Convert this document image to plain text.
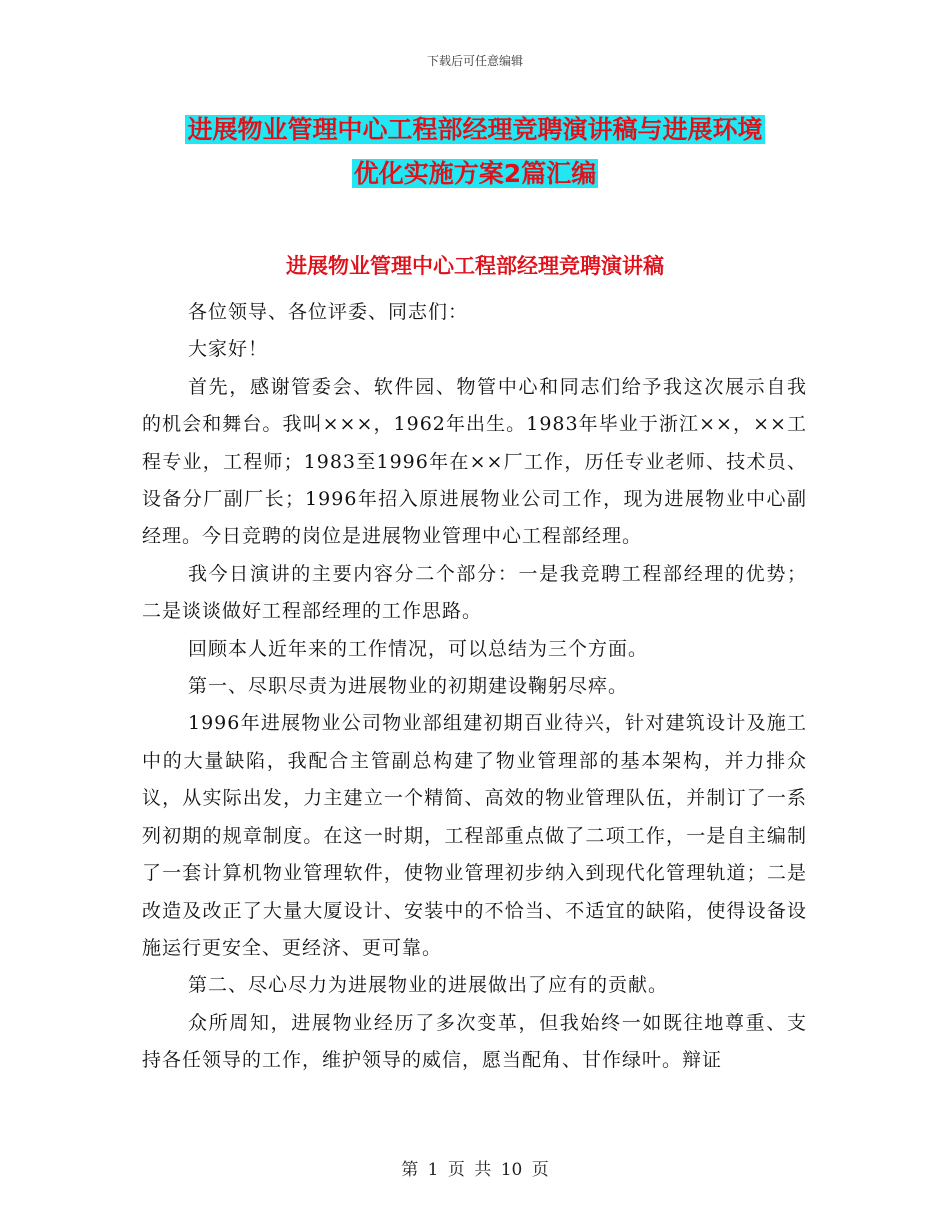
下载后可任意编辑
进展物业管理中心工程部经理竞聘演讲稿与进展环境
优化实施方案2篇汇编
进展物业管理中心工程部经理竞聘演讲稿

各位领导、各位评委、同志们：

大家好！

首先，感谢管委会、软件园、物管中心和同志们给予我这次展示自我的机会和舞台。我叫×××，1962年出生。1983年毕业于浙江××，××工程专业，工程师；1983至1996年在××厂工作，历任专业老师、技术员、设备分厂副厂长；1996年招入原进展物业公司工作，现为进展物业中心副经理。今日竞聘的岗位是进展物业管理中心工程部经理。

我今日演讲的主要内容分二个部分：一是我竞聘工程部经理的优势；二是谈谈做好工程部经理的工作思路。

回顾本人近年来的工作情况，可以总结为三个方面。

第一、尽职尽责为进展物业的初期建设鞠躬尽瘁。

1996年进展物业公司物业部组建初期百业待兴，针对建筑设计及施工中的大量缺陷，我配合主管副总构建了物业管理部的基本架构，并力排众议，从实际出发，力主建立一个精简、高效的物业管理队伍，并制订了一系列初期的规章制度。在这一时期，工程部重点做了二项工作，一是自主编制了一套计算机物业管理软件，使物业管理初步纳入到现代化管理轨道；二是改造及改正了大量大厦设计、安装中的不恰当、不适宜的缺陷，使得设备设施运行更安全、更经济、更可靠。

第二、尽心尽力为进展物业的进展做出了应有的贡献。

众所周知，进展物业经历了多次变革，但我始终一如既往地尊重、支持各任领导的工作，维护领导的威信，愿当配角、甘作绿叶。辩证

第 1 页 共 10 页
